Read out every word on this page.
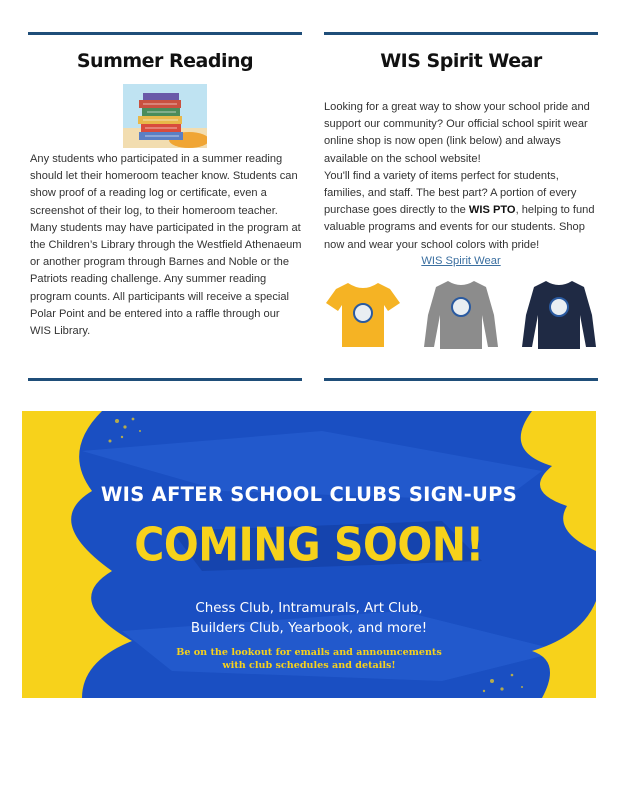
Summer Reading

Any students who participated in a summer reading should let their homeroom teacher know. Students can show proof of a reading log or certificate, even a screenshot of their log, to their homeroom teacher. Many students may have participated in the program at the Children’s Library through the Westfield Athenaeum or another program through Barnes and Noble or the Patriots reading challenge. Any summer reading program counts. All participants will receive a special Polar Point and be entered into a raffle through our WIS Library.

WIS Spirit Wear

Looking for a great way to show your school pride and support our community? Our official school spirit wear online shop is now open (link below) and always available on the school website!

You'll find a variety of items perfect for students, families, and staff. The best part? A portion of every purchase goes directly to the WIS PTO, helping to fund valuable programs and events for our students. Shop now and wear your school colors with pride!

WIS Spirit Wear
WIS AFTER SCHOOL CLUBS SIGN-UPS
COMING SOON!
Chess Club, Intramurals, Art Club,
Builders Club, Yearbook, and more!
Be on the lookout for emails and announcements
with club schedules and details!
